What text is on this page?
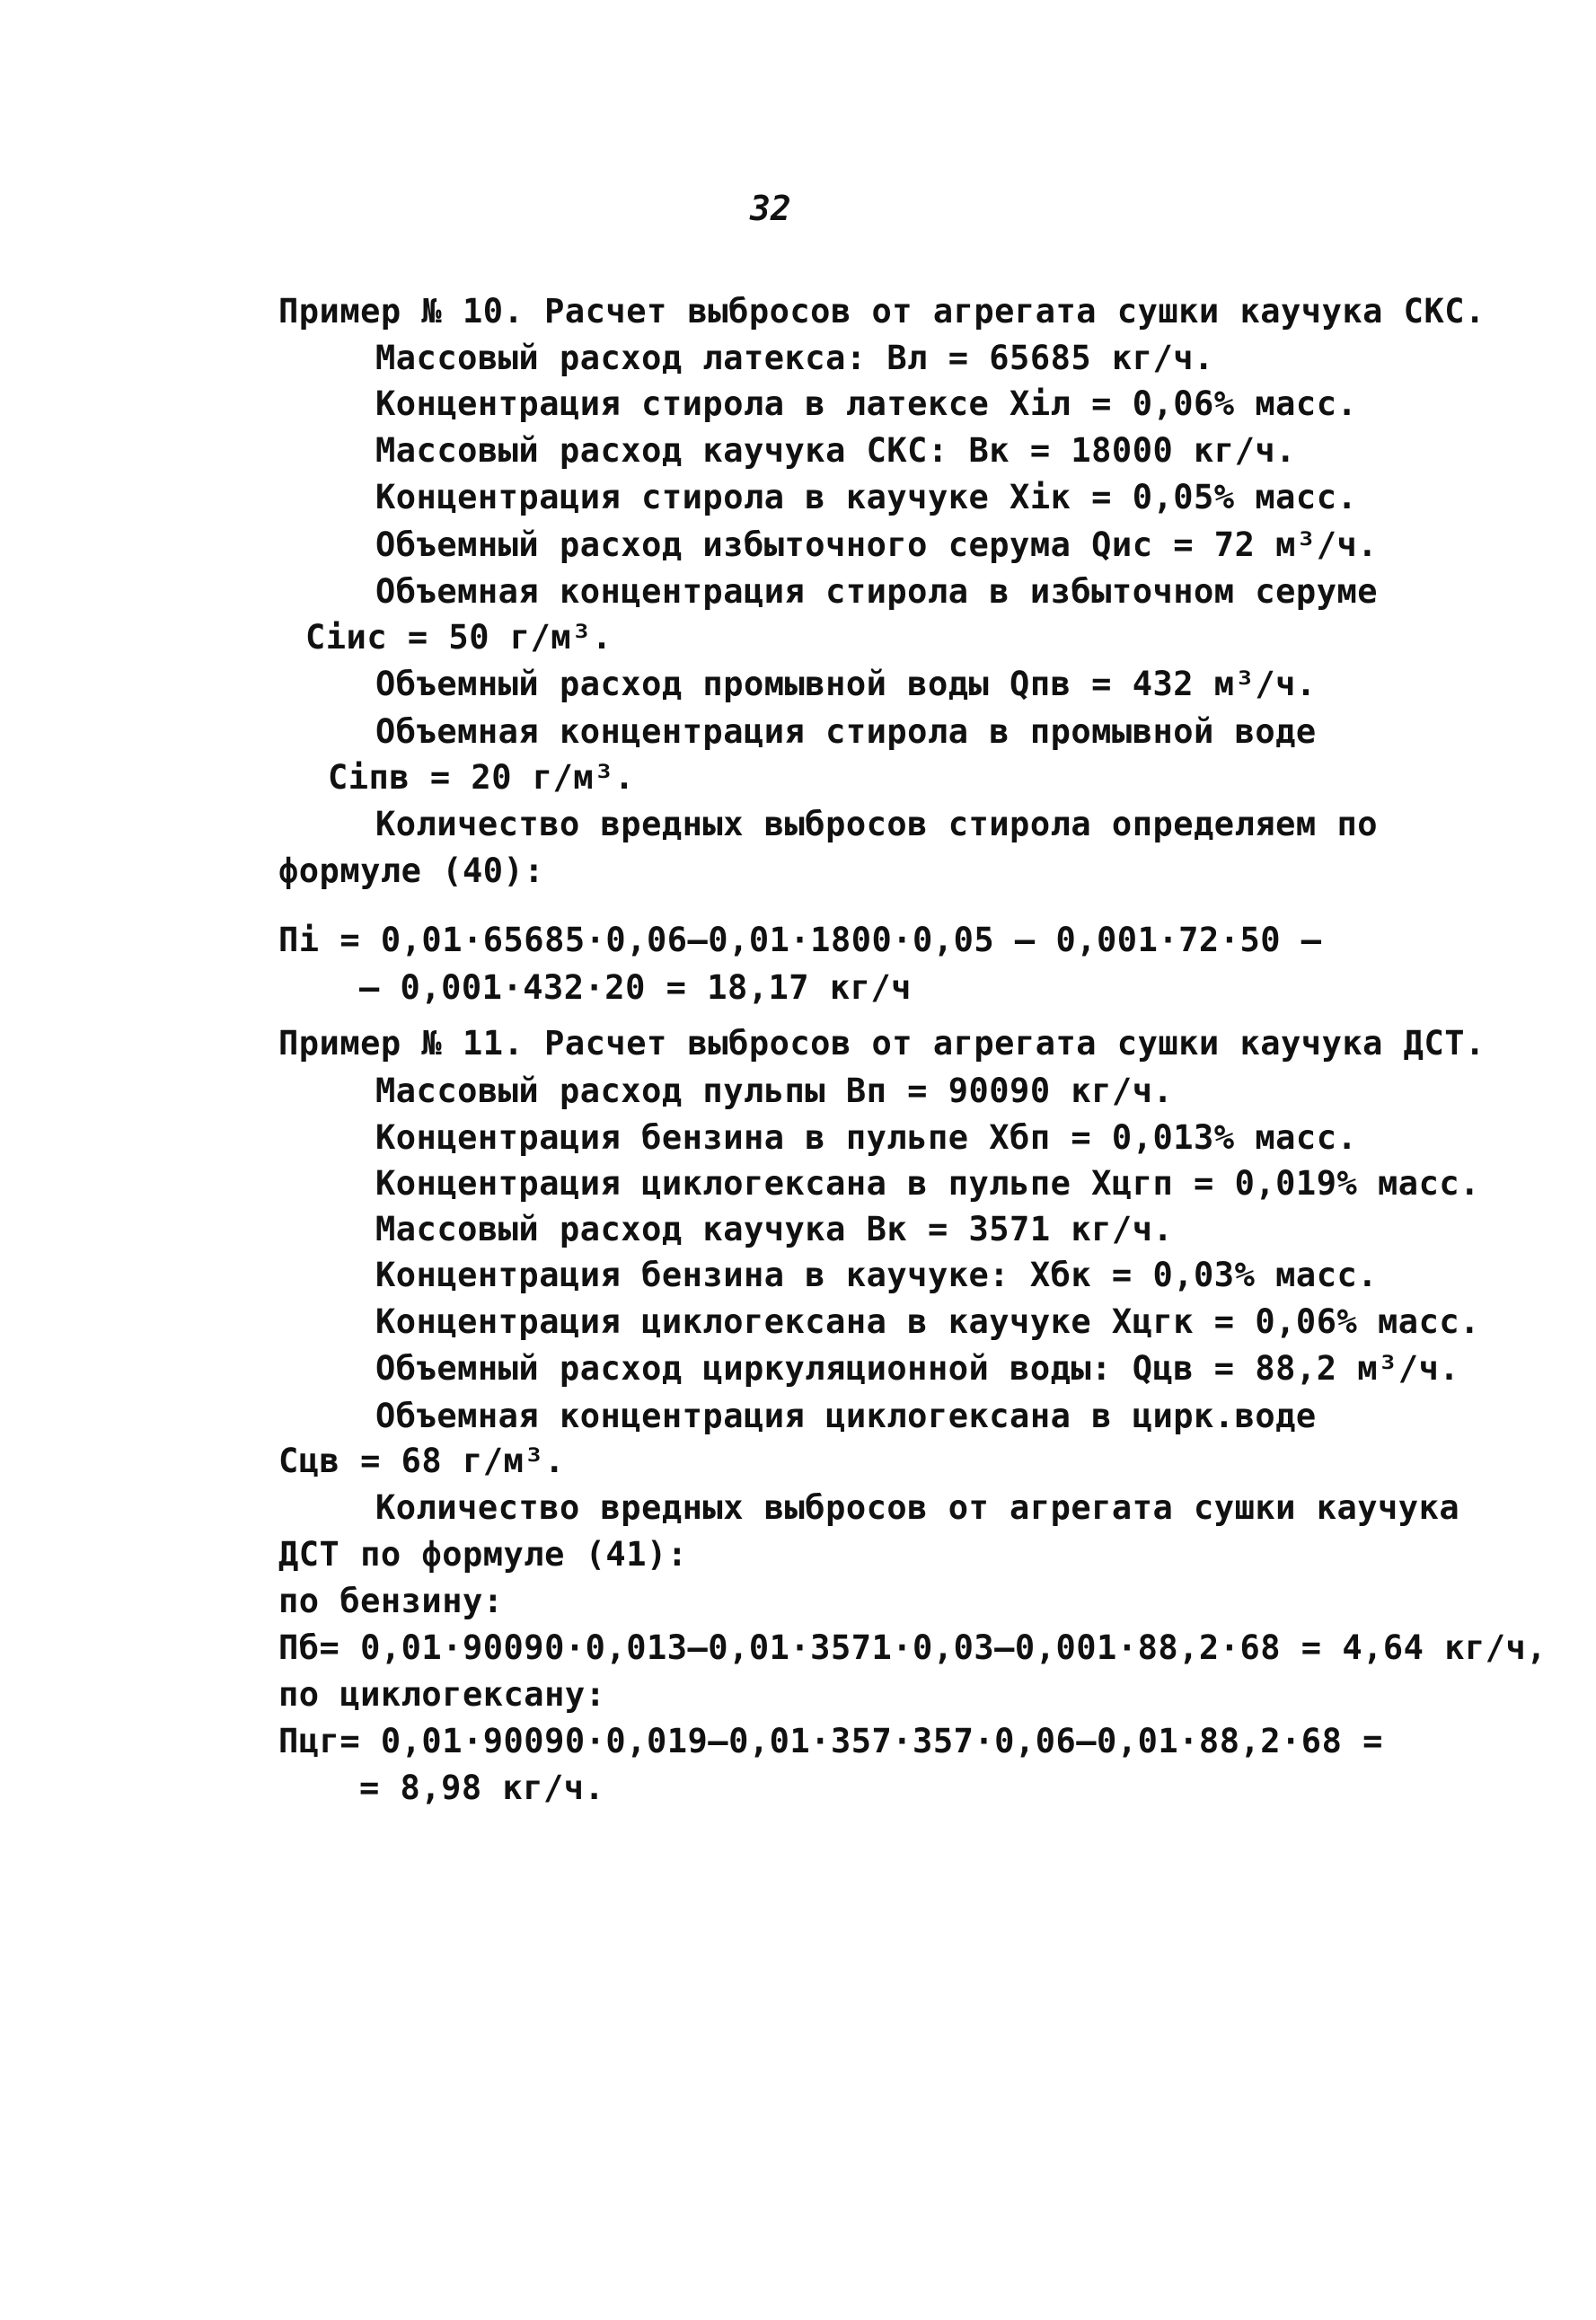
32
Пример № 10. Расчет выбросов от агрегата сушки каучука СКС.
Массовый расход латекса: Вл = 65685 кг/ч.
Концентрация стирола в латексе Xiл = 0,06% масс.
Массовый расход каучука СКС: Вк = 18000 кг/ч.
Концентрация стирола в каучуке Xiк = 0,05% масс.
Объемный расход избыточного серума Qис = 72 м³/ч.
Объемная концентрация стирола в избыточном серуме
Ciис = 50 г/м³.
Объемный расход промывной воды Qпв = 432 м³/ч.
Объемная концентрация стирола в промывной воде
Ciпв = 20 г/м³.
Количество вредных выбросов стирола определяем по
формуле (40):
Пi = 0,01·65685·0,06–0,01·1800·0,05 – 0,001·72·50 –
– 0,001·432·20 = 18,17 кг/ч
Пример № 11. Расчет выбросов от агрегата сушки каучука ДСТ.
Массовый расход пульпы Вп = 90090 кг/ч.
Концентрация бензина в пульпе Xбп = 0,013% масс.
Концентрация циклогексана в пульпе Xцгп = 0,019% масс.
Массовый расход каучука Вк = 3571 кг/ч.
Концентрация бензина в каучуке: Xбк = 0,03% масс.
Концентрация циклогексана в каучуке Xцгк = 0,06% масс.
Объемный расход циркуляционной воды: Qцв = 88,2 м³/ч.
Объемная концентрация циклогексана в цирк.воде
Сцв = 68 г/м³.
Количество вредных выбросов от агрегата сушки каучука
ДСТ по формуле (41):
по бензину:
Пб= 0,01·90090·0,013–0,01·3571·0,03–0,001·88,2·68 = 4,64 кг/ч,
по циклогексану:
Пцг= 0,01·90090·0,019–0,01·357·357·0,06–0,01·88,2·68 =
= 8,98 кг/ч.
